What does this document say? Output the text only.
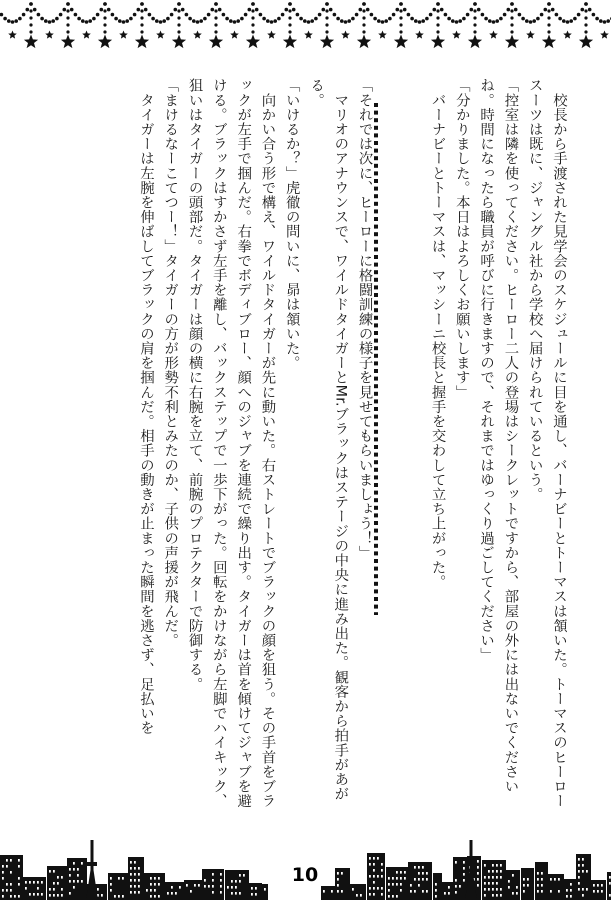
　校長から手渡された見学会のスケジュールに目を通し、バーナビーとトーマスは頷いた。トーマスのヒーロースーツは既に、ジャングル社から学校へ届けられているという。

「控室は隣を使ってください。ヒーロー二人の登場はシークレットですから、部屋の外には出ないでくださいね。時間になったら職員が呼びに行きますので、それまではゆっくり過ごしてください」

「分かりました。本日はよろしくお願いします」

　バーナビーとトーマスは、マッシーニ校長と握手を交わして立ち上がった。

「それでは次に、ヒーローに格闘訓練の様子を見せてもらいましょう！」

　マリオのアナウンスで、ワイルドタイガーとMr.ブラックはステージの中央に進み出た。観客から拍手があがる。

「いけるか？」虎徹の問いに、昴は頷いた。

　向かい合う形で構え、ワイルドタイガーが先に動いた。右ストレートでブラックの顔を狙う。その手首をブラックが左手で掴んだ。右拳でボディブロー、顔へのジャブを連続で繰り出す。タイガーは首を傾けてジャブを避ける。ブラックはすかさず左手を離し、バックステップで一歩下がった。回転をかけながら左脚でハイキック、狙いはタイガーの頭部だ。タイガーは顔の横に右腕を立て、前腕のプロテクターで防御する。

「まけるなーこてつー！」タイガーの方が形勢不利とみたのか、子供の声援が飛んだ。

　タイガーは左腕を伸ばしてブラックの肩を掴んだ。相手の動きが止まった瞬間を逃さず、足払いを

10
